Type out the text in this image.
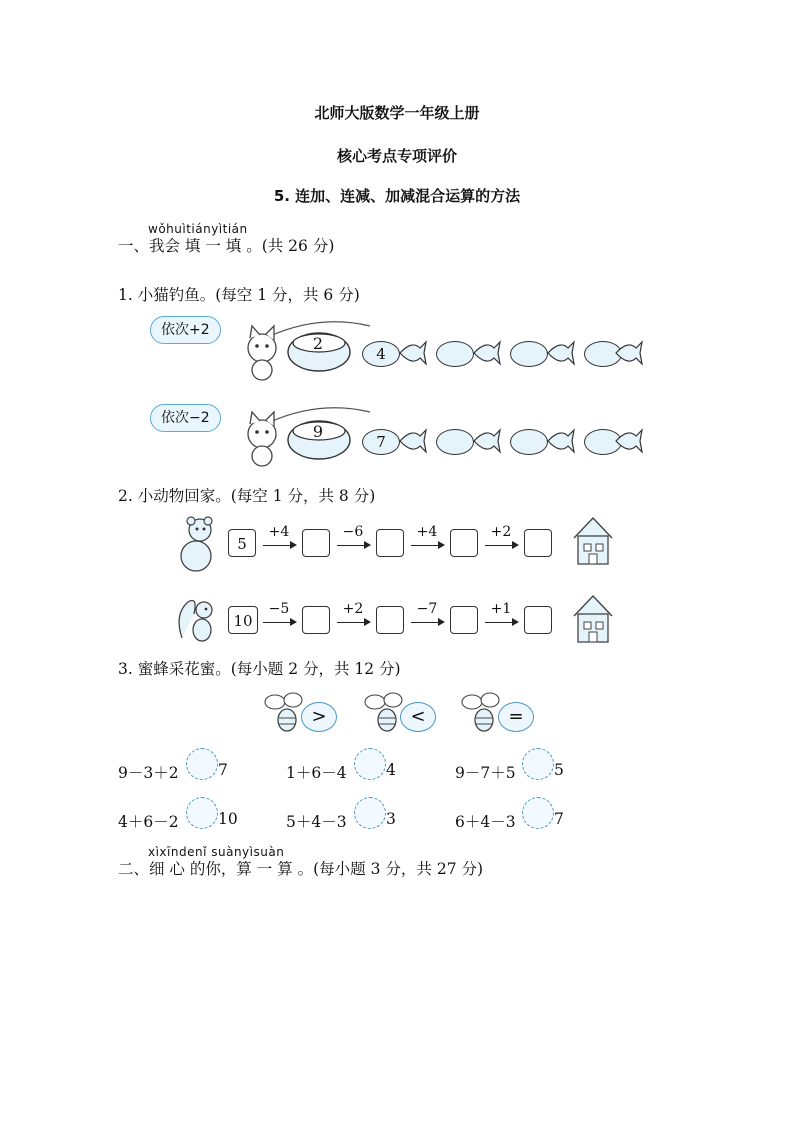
北师大版数学一年级上册
核心考点专项评价
5. 连加、连减、加减混合运算的方法
wǒhuìtiányìtián
一、我会 填 一 填 。(共 26 分)
1. 小猫钓鱼。(每空 1 分，共 6 分)
依次+2
2
4
依次−2
9
7
2. 小动物回家。(每空 1 分，共 8 分)
5
+4	−6	+4	+2
10
−5	+2	−7	+1
3. 蜜蜂采花蜜。(每小题 2 分，共 12 分)
>	<	=
9－3＋2	7	1＋6－4	4	9－7＋5 5
4＋6－2	10	5＋4－3	3	6＋4－3 7
xìxīndenǐ suànyìsuàn
二、细 心 的你，算 一 算 。(每小题 3 分，共 27 分)
